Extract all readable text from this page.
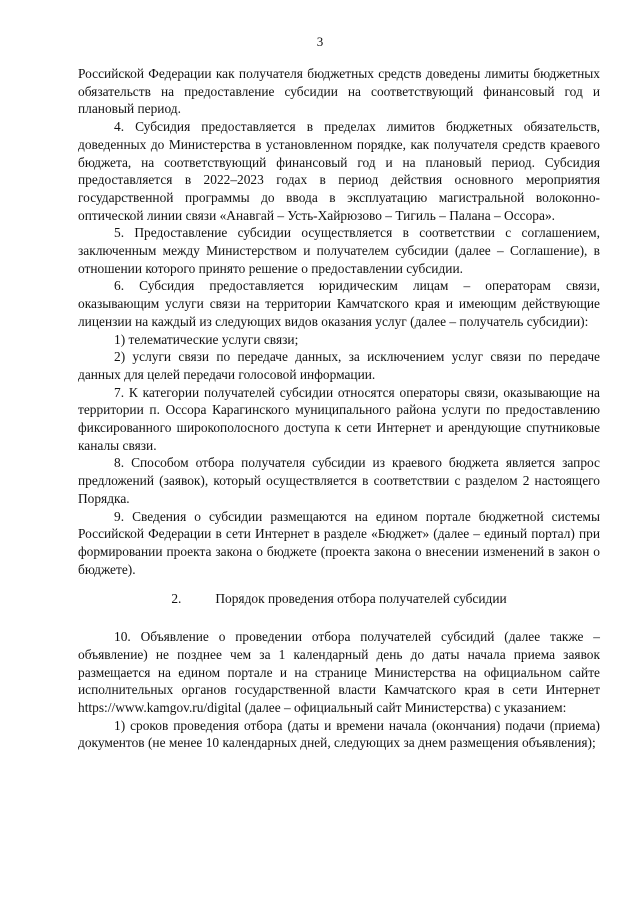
3

Российской Федерации как получателя бюджетных средств доведены лимиты бюджетных обязательств на предоставление субсидии на соответствующий финансовый год и плановый период.

4. Субсидия предоставляется в пределах лимитов бюджетных обязательств, доведенных до Министерства в установленном порядке, как получателя средств краевого бюджета, на соответствующий финансовый год и на плановый период. Субсидия предоставляется в 2022–2023 годах в период действия основного мероприятия государственной программы до ввода в эксплуатацию магистральной волоконно-оптической линии связи «Анавгай – Усть-Хайрюзово – Тигиль – Палана – Оссора».

5. Предоставление субсидии осуществляется в соответствии с соглашением, заключенным между Министерством и получателем субсидии (далее – Соглашение), в отношении которого принято решение о предоставлении субсидии.

6. Субсидия предоставляется юридическим лицам – операторам связи, оказывающим услуги связи на территории Камчатского края и имеющим действующие лицензии на каждый из следующих видов оказания услуг (далее – получатель субсидии):

1) телематические услуги связи;

2) услуги связи по передаче данных, за исключением услуг связи по передаче данных для целей передачи голосовой информации.

7. К категории получателей субсидии относятся операторы связи, оказывающие на территории п. Оссора Карагинского муниципального района услуги по предоставлению фиксированного широкополосного доступа к сети Интернет и арендующие спутниковые каналы связи.

8. Способом отбора получателя субсидии из краевого бюджета является запрос предложений (заявок), который осуществляется в соответствии с разделом 2 настоящего Порядка.

9. Сведения о субсидии размещаются на едином портале бюджетной системы Российской Федерации в сети Интернет в разделе «Бюджет» (далее – единый портал) при формировании проекта закона о бюджете (проекта закона о внесении изменений в закон о бюджете).

2.	Порядок проведения отбора получателей субсидии

10. Объявление о проведении отбора получателей субсидий (далее также – объявление) не позднее чем за 1 календарный день до даты начала приема заявок размещается на едином портале и на странице Министерства на официальном сайте исполнительных органов государственной власти Камчатского края в сети Интернет https://www.kamgov.ru/digital (далее – официальный сайт Министерства) с указанием:

1) сроков проведения отбора (даты и времени начала (окончания) подачи (приема) документов (не менее 10 календарных дней, следующих за днем размещения объявления);
